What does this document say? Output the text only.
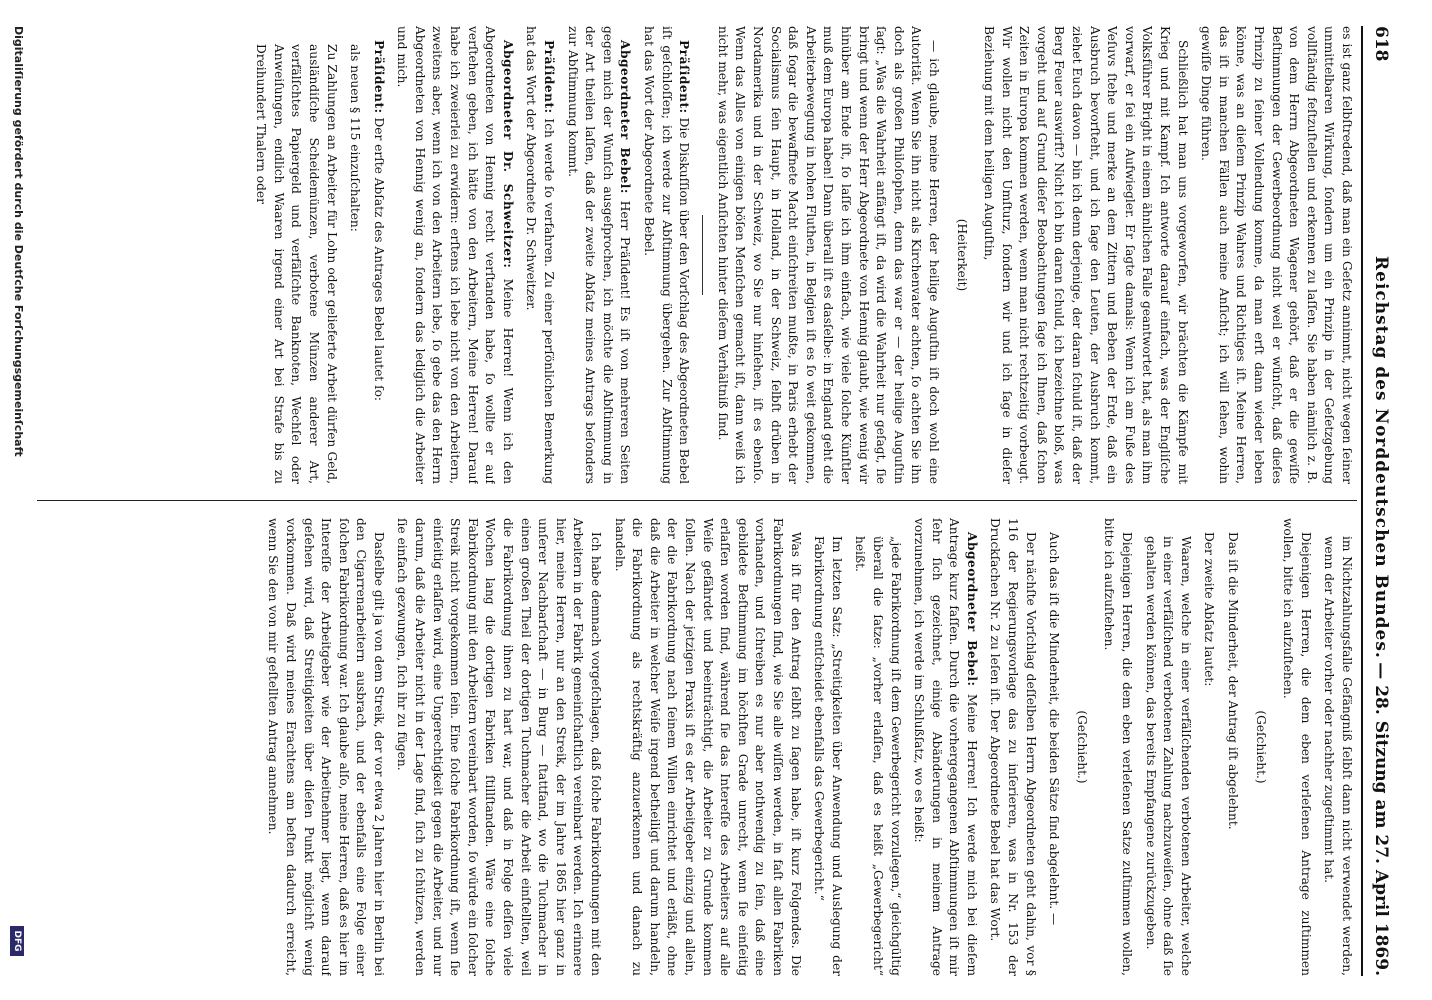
618
Reichstag des Norddeutschen Bundes.
— 28. Sitzung am 27. April 1869.

es ist ganz ſelbſtredend, daß man ein Geſetz annimmt, nicht wegen ſeiner unmittelbaren Wirkung, ſondern um ein Prinzip in der Geſetzgebung vollſtändig feſtzuſtellen und erkennen zu laſſen. Sie haben nämlich z. B. von dem Herrn Abgeordneten Wagener gehört, daß er die gewiſſe Beſtimmungen der Gewerbeordnung nicht weil er wünſcht, daß dieſes Prinzip zu ſeiner Vollendung komme, da man erſt dann wieder leben könne, was an dieſem Prinzip Wahres und Richtiges iſt. Meine Herren, das iſt in manchen Fällen auch meine Anſicht; ich will ſehen, wohin gewiſſe Dinge führen.

Schließlich hat man uns vorgeworfen, wir brächten die Kämpfe mit Krieg und mit Kampf. Ich antworte darauf einfach, was der Engliſche Volksführer Bright in einem ähnlichen Falle geantwortet hat, als man ihm vorwarf, er ſei ein Aufwiegler. Er ſagte damals: Wenn ich am Fuße des Veſuvs ſtehe und merke an dem Zittern und Beben der Erde, daß ein Ausbruch bevorſteht, und ich ſage den Leuten, der Ausbruch kommt, ziehet Euch davon — bin ich denn derjenige, der daran ſchuld iſt, daß der Berg Feuer auswirft? Nicht ich bin daran ſchuld, ich bezeichne bloß, was vorgeht und auf Grund dieſer Beobachtungen ſage ich Ihnen, daß ſchon Zeiten in Europa kommen werden, wenn man nicht rechtzeitig vorbeugt. Wir wollen nicht den Umſturz, ſondern wir und ich ſage in dieſer Beziehung mit dem heiligen Auguſtin,

(Heiterkeit)

— ich glaube, meine Herren, der heilige Auguſtin iſt doch wohl eine Autorität. Wenn Sie ihn nicht als Kirchenvater achten, ſo achten Sie ihn doch als großen Philoſophen, denn das war er — der heilige Auguſtin ſagt: „Was die Wahrheit anfängt iſt, da wird die Wahrheit nur geſagt, ſie bringt und wenn der Herr Abgeordnete von Hennig glaubt, wie wenig wir hinüber am Ende iſt, ſo laſſe ich ihm einfach, wie viele ſolche Künſtler muß dem Europa haben! Dann überall iſt es dasſelbe: in England geht die Arbeiterbewegung in hohen Fluthen, in Belgien iſt es ſo weit gekommen, daß ſogar die bewaffnete Macht einſchreiten mußte, in Paris erhebt der Socialismus ſein Haupt, in Holland, in der Schweiz, ſelbſt drüben in Nordamerika und in der Schweiz, wo Sie nur hinſehen, iſt es ebenſo. Wenn das Alles von einigen böſen Menſchen gemacht iſt, dann weiß ich nicht mehr, was eigentlich Anſichten hinter dieſem Verhältniß ſind.

Präſident: Die Diskuſſion über den Vorſchlag des Abgeordneten Bebel iſt geſchloſſen; ich werde zur Abſtimmung übergehen. Zur Abſtimmung hat das Wort der Abgeordnete Bebel.

Abgeordneter Bebel: Herr Präſident! Es iſt von mehreren Seiten gegen mich der Wunſch ausgeſprochen, ich möchte die Abſtimmung in der Art theilen laſſen, daß der zweite Abſatz meines Antrags beſonders zur Abſtimmung kommt.

Präſident: Ich werde ſo verfahren. Zu einer perſönlichen Bemerkung hat das Wort der Abgeordnete Dr. Schweitzer.

Abgeordneter Dr. Schweitzer: Meine Herren! Wenn ich den Abgeordneten von Hennig recht verſtanden habe, ſo wollte er auf verſtehen geben, ich hätte von den Arbeitern, Meine Herren! Darauf habe ich zweierlei zu erwidern: erſtens ich lebe nicht von den Arbeitern, zweitens aber, wenn ich von den Arbeitern lebe, ſo gebe das den Herrn Abgeordneten von Hennig wenig an, ſondern das lediglich die Arbeiter und mich.

Präſident: Der erſte Abſatz des Antrages Bebel lautet ſo:

als neuen § 115 einzuſchalten:

Zu Zahlungen an Arbeiter für Lohn oder gelieferte Arbeit dürfen Geld, ausländiſche Scheidemünzen, verbotene Münzen anderer Art, verfälſchtes Papiergeld und verfälſchte Banknoten, Wechſel oder Anweiſungen, endlich Waaren irgend einer Art bei Strafe bis zu Dreihundert Thalern oder

im Nichtzahlungsfalle Gefängniß ſelbſt dann nicht verwendet werden, wenn der Arbeiter vorher oder nachher zugeſtimmt hat.

Diejenigen Herren, die dem eben verleſenen Antrage zuſtimmen wollen, bitte ich aufzuſtehen.

(Geſchieht.)

Das iſt die Minderheit, der Antrag iſt abgelehnt.

Der zweite Abſatz lautet:

Waaren, welche in einer verfälſchenden verbotenen Arbeiter, welche in einer verfälſchend verbotenen Zahlung nachzuweiſen, ohne daß ſie gehalten werden können, das bereits Empfangene zurückzugeben.

Diejenigen Herren, die dem eben verleſenen Satze zuſtimmen wollen, bitte ich aufzuſtehen.

(Geſchieht.)

Auch das iſt die Minderheit, die beiden Sätze ſind abgelehnt. —

Der nächſte Vorſchlag deſſelben Herrn Abgeordneten geht dahin, vor § 116 der Regierungsvorlage das zu inſerieren, was in Nr. 153 der Druckſachen Nr. 2 zu leſen iſt. Der Abgeordnete Bebel hat das Wort.

Abgeordneter Bebel: Meine Herren! Ich werde mich bei dieſem Antrage kurz faſſen. Durch die vorhergegangenen Abſtimmungen iſt mir ſehr ſich gezeichnet, einige Abänderungen in meinem Antrage vorzunehmen, ich werde im Schlußſatz, wo es heißt:

„jede Fabrikordnung iſt dem Gewerbegericht vorzulegen,“ gleichgültig überall die ſatze: „vorher erlaſſen, daß es heißt „Gewerbegericht“ heißt.

Im letzten Satz: „Streitigkeiten über Anwendung und Auslegung der Fabrikordnung entſcheidet ebenfalls das Gewerbegericht.“

Was iſt für den Antrag ſelbſt zu ſagen habe, iſt kurz Folgendes. Die Fabrikordnungen ſind, wie Sie alle wiſſen werden, in faſt allen Fabriken vorhanden, und ſchreiben es nur aber nothwendig zu ſein, daß eine gebildete Beſtimmung im höchſten Grade unrecht, wenn ſie einſeitig erlaſſen worden ſind, während ſie das Intereſſe des Arbeiters auf alle Weiſe gefährdet und beeinträchtigt, die Arbeiter zu Grunde kommen ſollen. Nach der jetzigen Praxis iſt es der Arbeitgeber einzig und allein, der die Fabrikordnung nach ſeinem Willen einrichtet und erläßt, ohne daß die Arbeiter in welcher Weiſe irgend betheiligt und darum handeln, die Fabrikordnung als rechtskräftig anzuerkennen und danach zu handeln.

Ich habe demnach vorgeſchlagen, daß ſolche Fabrikordnungen mit den Arbeitern in der Fabrik gemeinſchaftlich vereinbart werden. Ich erinnere hier, meine Herren, nur an den Streik, der im Jahre 1865 hier ganz in unſerer Nachbarſchaft — in Burg — ſtattfand, wo die Tuchmacher in einen großen Theil der dortigen Tuchmacher die Arbeit einſtellten, weil die Fabrikordnung ihnen zu hart war, und daß in Folge deſſen viele Wochen lang die dortigen Fabriken ſtillſtanden. Wäre eine ſolche Fabrikordnung mit den Arbeitern vereinbart worden, ſo würde ein ſolcher Streik nicht vorgekommen ſein. Eine ſolche Fabrikordnung iſt, wenn ſie einſeitig erlaſſen wird, eine Ungerechtigkeit gegen die Arbeiter, und nur darum, daß die Arbeiter nicht in der Lage ſind, ſich zu ſchützen, werden ſie einfach gezwungen, ſich ihr zu fügen.

Dasſelbe gilt ja von dem Streik, der vor etwa 2 Jahren hier in Berlin bei den Cigarrenarbeitern ausbrach, und der ebenfalls eine Folge einer ſolchen Fabrikordnung war. Ich glaube alſo, meine Herren, daß es hier im Intereſſe der Arbeitgeber wie der Arbeitnehmer liegt, wenn darauf geſehen wird, daß Streitigkeiten über dieſen Punkt möglichſt wenig vorkommen. Daß wird meines Erachtens am beſten dadurch erreicht, wenn Sie den von mir geſtellten Antrag annehmen.

Digitaliſierung gefördert durch die Deutſche Forſchungsgemeinſchaft
DFG
